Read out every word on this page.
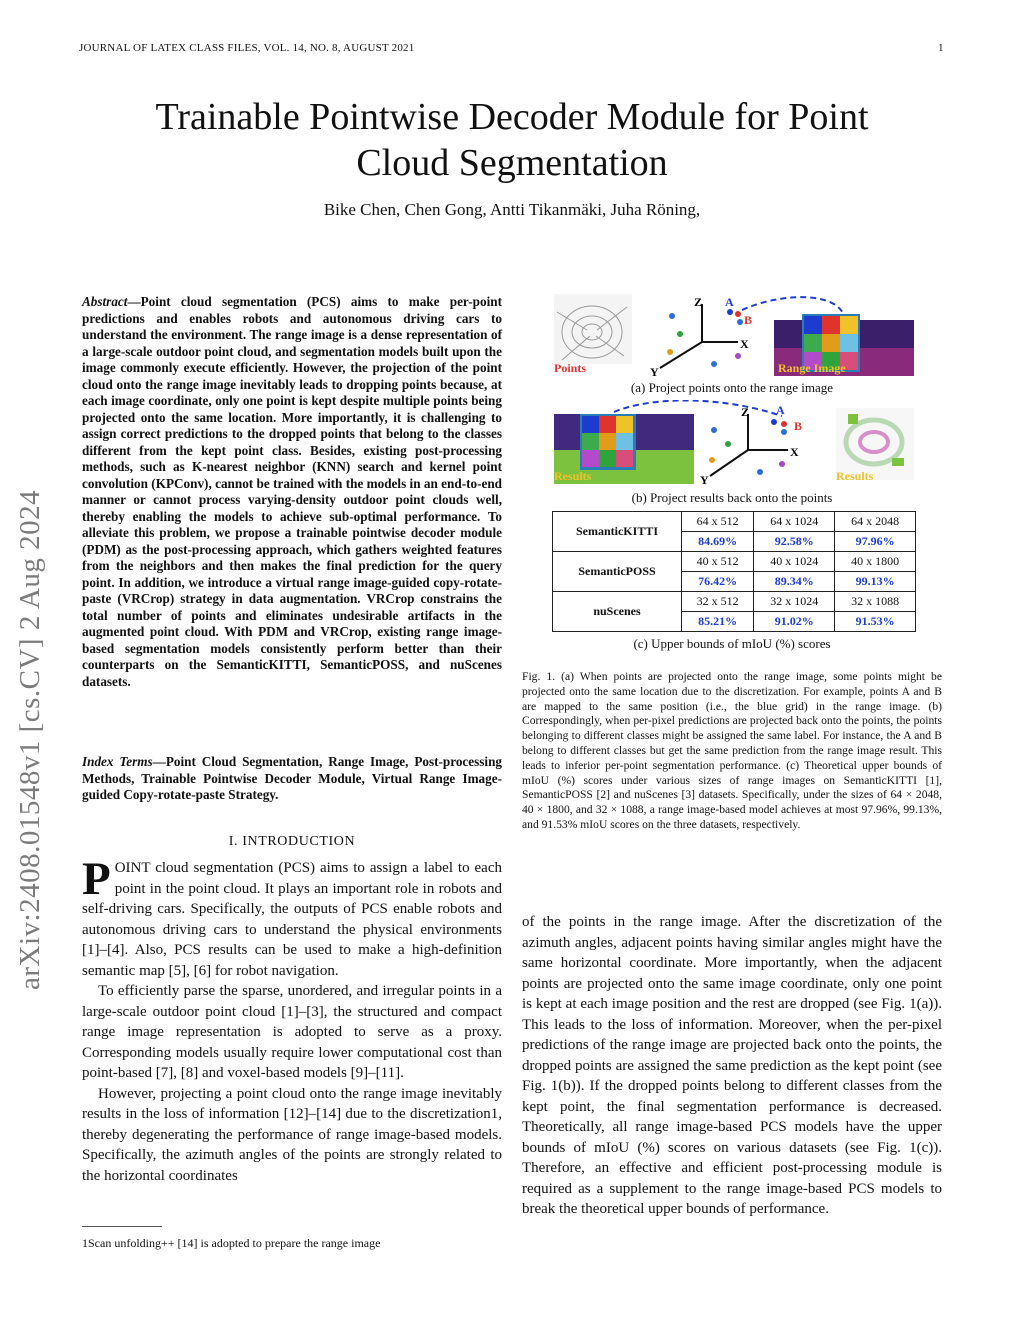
JOURNAL OF LATEX CLASS FILES, VOL. 14, NO. 8, AUGUST 2021	1
Trainable Pointwise Decoder Module for Point
Cloud Segmentation
Bike Chen, Chen Gong, Antti Tikanmäki, Juha Röning,
arXiv:2408.01548v1 [cs.CV] 2 Aug 2024
Abstract—Point cloud segmentation (PCS) aims to make per-point predictions and enables robots and autonomous driving cars to understand the environment. The range image is a dense representation of a large-scale outdoor point cloud, and segmentation models built upon the image commonly execute efficiently. However, the projection of the point cloud onto the range image inevitably leads to dropping points because, at each image coordinate, only one point is kept despite multiple points being projected onto the same location. More importantly, it is challenging to assign correct predictions to the dropped points that belong to the classes different from the kept point class. Besides, existing post-processing methods, such as K-nearest neighbor (KNN) search and kernel point convolution (KPConv), cannot be trained with the models in an end-to-end manner or cannot process varying-density outdoor point clouds well, thereby enabling the models to achieve sub-optimal performance. To alleviate this problem, we propose a trainable pointwise decoder module (PDM) as the post-processing approach, which gathers weighted features from the neighbors and then makes the final prediction for the query point. In addition, we introduce a virtual range image-guided copy-rotate-paste (VRCrop) strategy in data augmentation. VRCrop constrains the total number of points and eliminates undesirable artifacts in the augmented point cloud. With PDM and VRCrop, existing range image-based segmentation models consistently perform better than their counterparts on the SemanticKITTI, SemanticPOSS, and nuScenes datasets.
Index Terms—Point Cloud Segmentation, Range Image, Post-processing Methods, Trainable Pointwise Decoder Module, Virtual Range Image-guided Copy-rotate-paste Strategy.
I. INTRODUCTION

POINT cloud segmentation (PCS) aims to assign a label to each point in the point cloud. It plays an important role in robots and self-driving cars. Specifically, the outputs of PCS enable robots and autonomous driving cars to understand the physical environments [1]–[4]. Also, PCS results can be used to make a high-definition semantic map [5], [6] for robot navigation.

To efficiently parse the sparse, unordered, and irregular points in a large-scale outdoor point cloud [1]–[3], the structured and compact range image representation is adopted to serve as a proxy. Corresponding models usually require lower computational cost than point-based [7], [8] and voxel-based models [9]–[11].

However, projecting a point cloud onto the range image inevitably results in the loss of information [12]–[14] due to the discretization1, thereby degenerating the performance of range image-based models. Specifically, the azimuth angles of the points are strongly related to the horizontal coordinates

1Scan unfolding++ [14] is adopted to prepare the range image

of the points in the range image. After the discretization of the azimuth angles, adjacent points having similar angles might have the same horizontal coordinate. More importantly, when the adjacent points are projected onto the same image coordinate, only one point is kept at each image position and the rest are dropped (see Fig. 1(a)). This leads to the loss of information. Moreover, when the per-pixel predictions of the range image are projected back onto the points, the dropped points are assigned the same prediction as the kept point (see Fig. 1(b)). If the dropped points belong to different classes from the kept point, the final segmentation performance is decreased. Theoretically, all range image-based PCS models have the upper bounds of mIoU (%) scores on various datasets (see Fig. 1(c)). Therefore, an effective and efficient post-processing module is required as a supplement to the range image-based PCS models to break the theoretical upper bounds of performance.

Points
Z
X
Y
A
B
Range Image
(a) Project points onto the range image
Results
Z
X
Y
A
B
Results
(b) Project results back onto the points
SemanticKITTI	64 x 512	64 x 1024	64 x 2048
	84.69%	92.58%	97.96%
SemanticPOSS	40 x 512	40 x 1024	40 x 1800
	76.42%	89.34%	99.13%
nuScenes	32 x 512	32 x 1024	32 x 1088
	85.21%	91.02%	91.53%
(c) Upper bounds of mIoU (%) scores
Fig. 1. (a) When points are projected onto the range image, some points might be projected onto the same location due to the discretization. For example, points A and B are mapped to the same position (i.e., the blue grid) in the range image. (b) Correspondingly, when per-pixel predictions are projected back onto the points, the points belonging to different classes might be assigned the same label. For instance, the A and B belong to different classes but get the same prediction from the range image result. This leads to inferior per-point segmentation performance. (c) Theoretical upper bounds of mIoU (%) scores under various sizes of range images on SemanticKITTI [1], SemanticPOSS [2] and nuScenes [3] datasets. Specifically, under the sizes of 64 × 2048, 40 × 1800, and 32 × 1088, a range image-based model achieves at most 97.96%, 99.13%, and 91.53% mIoU scores on the three datasets, respectively.
